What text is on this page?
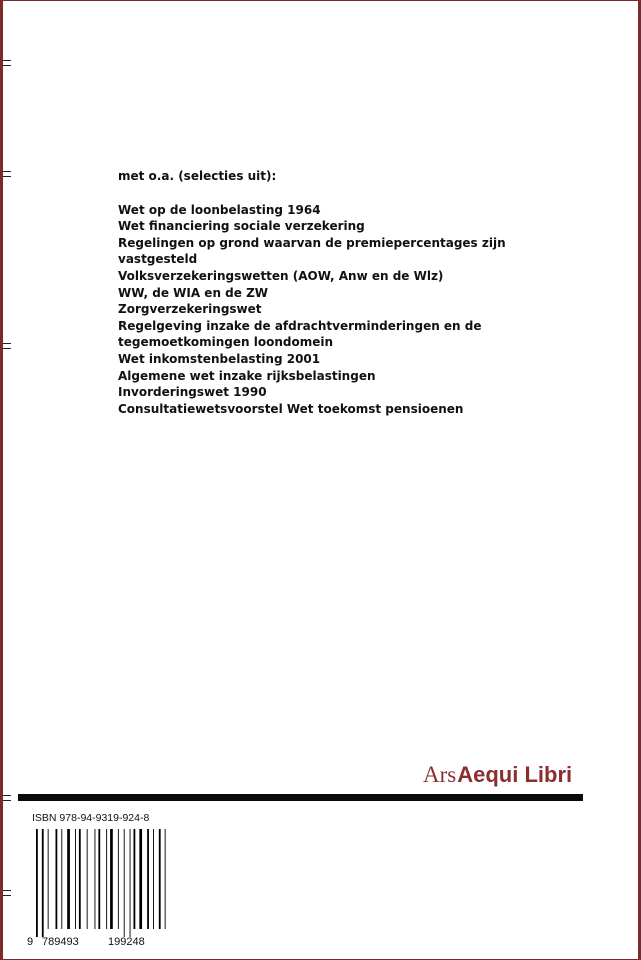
met o.a. (selecties uit):

Wet op de loonbelasting 1964
Wet financiering sociale verzekering
Regelingen op grond waarvan de premiepercentages zijn
vastgesteld
Volksverzekeringswetten (AOW, Anw en de Wlz)
WW, de WIA en de ZW
Zorgverzekeringswet
Regelgeving inzake de afdrachtverminderingen en de
tegemoetkomingen loondomein
Wet inkomstenbelasting 2001
Algemene wet inzake rijksbelastingen
Invorderingswet 1990
Consultatiewetsvoorstel Wet toekomst pensioenen
ArsAequi Libri
ISBN 978-94-9319-924-8
9 789493	199248
